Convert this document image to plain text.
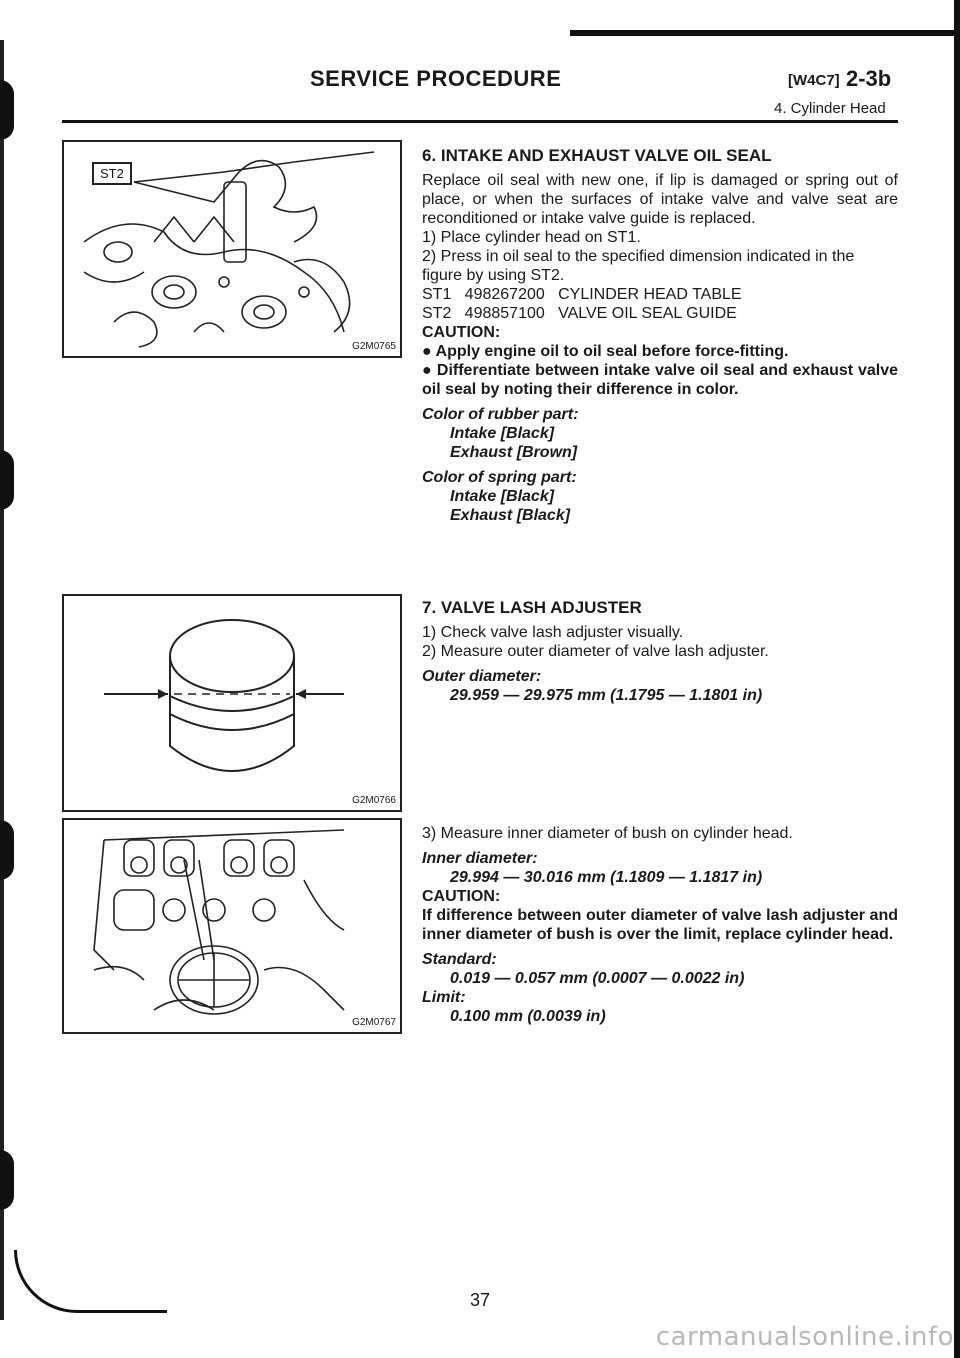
SERVICE PROCEDURE	[W4C7] 2-3b
4. Cylinder Head
ST2
G2M0765
G2M0766
G2M0767

6. INTAKE AND EXHAUST VALVE OIL SEAL

Replace oil seal with new one, if lip is damaged or spring out of place, or when the surfaces of intake valve and valve seat are reconditioned or intake valve guide is replaced.

1) Place cylinder head on ST1.

2) Press in oil seal to the specified dimension indicated in the figure by using ST2.

ST1   498267200   CYLINDER HEAD TABLE

ST2   498857100   VALVE OIL SEAL GUIDE

CAUTION:

● Apply engine oil to oil seal before force-fitting.

● Differentiate between intake valve oil seal and exhaust valve oil seal by noting their difference in color.

Color of rubber part:

Intake [Black]

Exhaust [Brown]

Color of spring part:

Intake [Black]

Exhaust [Black]

7. VALVE LASH ADJUSTER

1) Check valve lash adjuster visually.

2) Measure outer diameter of valve lash adjuster.

Outer diameter:

29.959 — 29.975 mm (1.1795 — 1.1801 in)

3) Measure inner diameter of bush on cylinder head.

Inner diameter:

29.994 — 30.016 mm (1.1809 — 1.1817 in)

CAUTION:

If difference between outer diameter of valve lash adjuster and inner diameter of bush is over the limit, replace cylinder head.

Standard:

0.019 — 0.057 mm (0.0007 — 0.0022 in)

Limit:

0.100 mm (0.0039 in)

37
carmanualsonline.info
